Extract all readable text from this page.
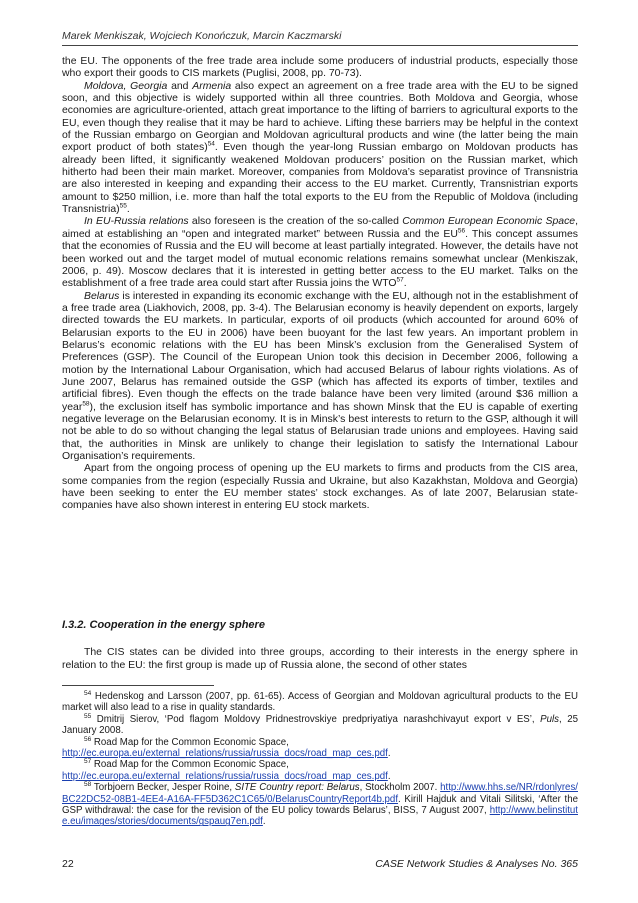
Marek Menkiszak, Wojciech Konończuk, Marcin Kaczmarski

the EU. The opponents of the free trade area include some producers of industrial products, especially those who export their goods to CIS markets (Puglisi, 2008, pp. 70-73).

Moldova, Georgia and Armenia also expect an agreement on a free trade area with the EU to be signed soon, and this objective is widely supported within all three countries. Both Moldova and Georgia, whose economies are agriculture-oriented, attach great importance to the lifting of barriers to agricultural exports to the EU, even though they realise that it may be hard to achieve. Lifting these barriers may be helpful in the context of the Russian embargo on Georgian and Moldovan agricultural products and wine (the latter being the main export product of both states)$^{54}$. Even though the year-long Russian embargo on Moldovan products has already been lifted, it significantly weakened Moldovan producers’ position on the Russian market, which hitherto had been their main market. Moreover, companies from Moldova’s separatist province of Transnistria are also interested in keeping and expanding their access to the EU market. Currently, Transnistrian exports amount to $250 million, i.e. more than half the total exports to the EU from the Republic of Moldova (including Transnistria)$^{55}$.

In EU-Russia relations also foreseen is the creation of the so-called Common European Economic Space, aimed at establishing an “open and integrated market” between Russia and the EU$^{56}$. This concept assumes that the economies of Russia and the EU will become at least partially integrated. However, the details have not been worked out and the target model of mutual economic relations remains somewhat unclear (Menkiszak, 2006, p. 49). Moscow declares that it is interested in getting better access to the EU market. Talks on the establishment of a free trade area could start after Russia joins the WTO$^{57}$.

Belarus is interested in expanding its economic exchange with the EU, although not in the establishment of a free trade area (Liakhovich, 2008, pp. 3-4). The Belarusian economy is heavily dependent on exports, largely directed towards the EU markets. In particular, exports of oil products (which accounted for around 60% of Belarusian exports to the EU in 2006) have been buoyant for the last few years. An important problem in Belarus’s economic relations with the EU has been Minsk’s exclusion from the Generalised System of Preferences (GSP). The Council of the European Union took this decision in December 2006, following a motion by the International Labour Organisation, which had accused Belarus of labour rights violations. As of June 2007, Belarus has remained outside the GSP (which has affected its exports of timber, textiles and artificial fibres). Even though the effects on the trade balance have been very limited (around $36 million a year$^{58}$), the exclusion itself has symbolic importance and has shown Minsk that the EU is capable of exerting negative leverage on the Belarusian economy. It is in Minsk’s best interests to return to the GSP, although it will not be able to do so without changing the legal status of Belarusian trade unions and employees. Having said that, the authorities in Minsk are unlikely to change their legislation to satisfy the International Labour Organisation’s requirements.

Apart from the ongoing process of opening up the EU markets to firms and products from the CIS area, some companies from the region (especially Russia and Ukraine, but also Kazakhstan, Moldova and Georgia) have been seeking to enter the EU member states’ stock exchanges. As of late 2007, Belarusian state-companies have also shown interest in entering EU stock markets.

I.3.2. Cooperation in the energy sphere

The CIS states can be divided into three groups, according to their interests in the energy sphere in relation to the EU: the first group is made up of Russia alone, the second of other states

$^{54}$ Hedenskog and Larsson (2007, pp. 61-65). Access of Georgian and Moldovan agricultural products to the EU market will also lead to a rise in quality standards.

$^{55}$ Dmitrij Sierov, ‘Pod flagom Moldovy Pridnestrovskiye predpriyatiya narashchivayut export v ES’, Puls, 25 January 2008.

$^{56}$ Road Map for the Common Economic Space,

http://ec.europa.eu/external_relations/russia/russia_docs/road_map_ces.pdf.

$^{57}$ Road Map for the Common Economic Space,

http://ec.europa.eu/external_relations/russia/russia_docs/road_map_ces.pdf.

$^{58}$ Torbjoern Becker, Jesper Roine, SITE Country report: Belarus, Stockholm 2007. http://www.hhs.se/NR/rdonlyres/BC22DC52-08B1-4EE4-A16A-FF5D362C1C65/0/BelarusCountryReport4b.pdf. Kirill Hajduk and Vitali Silitski, ‘After the GSP withdrawal: the case for the revision of the EU policy towards Belarus’, BISS, 7 August 2007, http://www.belinstitute.eu/images/stories/documents/gspaug7en.pdf.

22	CASE Network Studies & Analyses No. 365
